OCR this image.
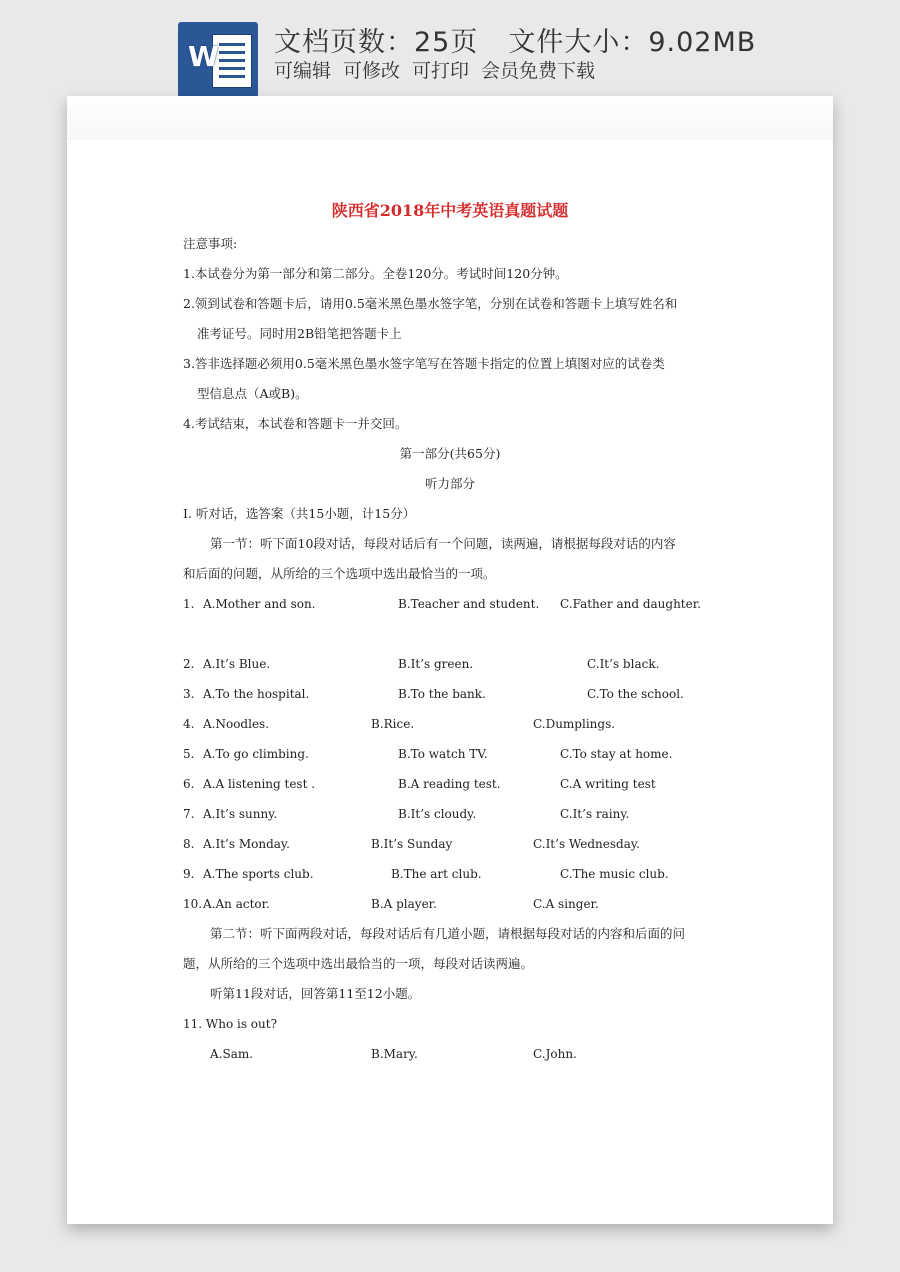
W	文档页数：25页 文件大小：9.02MB
可编辑 可修改 可打印 会员免费下载
陕西省2018年中考英语真题试题
注意事项:
1.本试卷分为第一部分和第二部分。全卷120分。考试时间120分钟。
2.领到试卷和答题卡后，请用0.5毫米黑色墨水签字笔，分别在试卷和答题卡上填写姓名和
准考证号。同时用2B铅笔把答题卡上
3.答非选择题必须用0.5毫米黑色墨水签字笔写在答题卡指定的位置上填图对应的试卷类
型信息点（A或B)。
4.考试结束，本试卷和答题卡一并交回。
第一部分(共65分)
听力部分
Ⅰ. 听对话，选答案（共15小题，计15分）
第一节：听下面10段对话，每段对话后有一个问题，读两遍，请根据每段对话的内容
和后面的问题，从所给的三个选项中选出最恰当的一项。
1. A.Mother and son.	B.Teacher and student. C.Father and daughter.
2. A.It’s Blue.	B.It’s green.	C.It’s black.
3. A.To the hospital.	B.To the bank.	C.To the school.
4. A.Noodles.	B.Rice.	C.Dumplings.
5. A.To go climbing.	B.To watch TV.	C.To stay at home.
6. A.A listening test .	B.A reading test.	C.A writing test
7. A.It’s sunny.	B.It’s cloudy.	C.It’s rainy.
8. A.It’s Monday.	B.It’s Sunday	C.It’s Wednesday.
9. A.The sports club.	B.The art club.	C.The music club.
10. A.An actor.	B.A player.	C.A singer.
第二节：听下面两段对话，每段对话后有几道小题，请根据每段对话的内容和后面的问
题，从所给的三个选项中选出最恰当的一项，每段对话读两遍。
听第11段对话，回答第11至12小题。
11. Who is out?
A.Sam.	B.Mary.	C.John.
